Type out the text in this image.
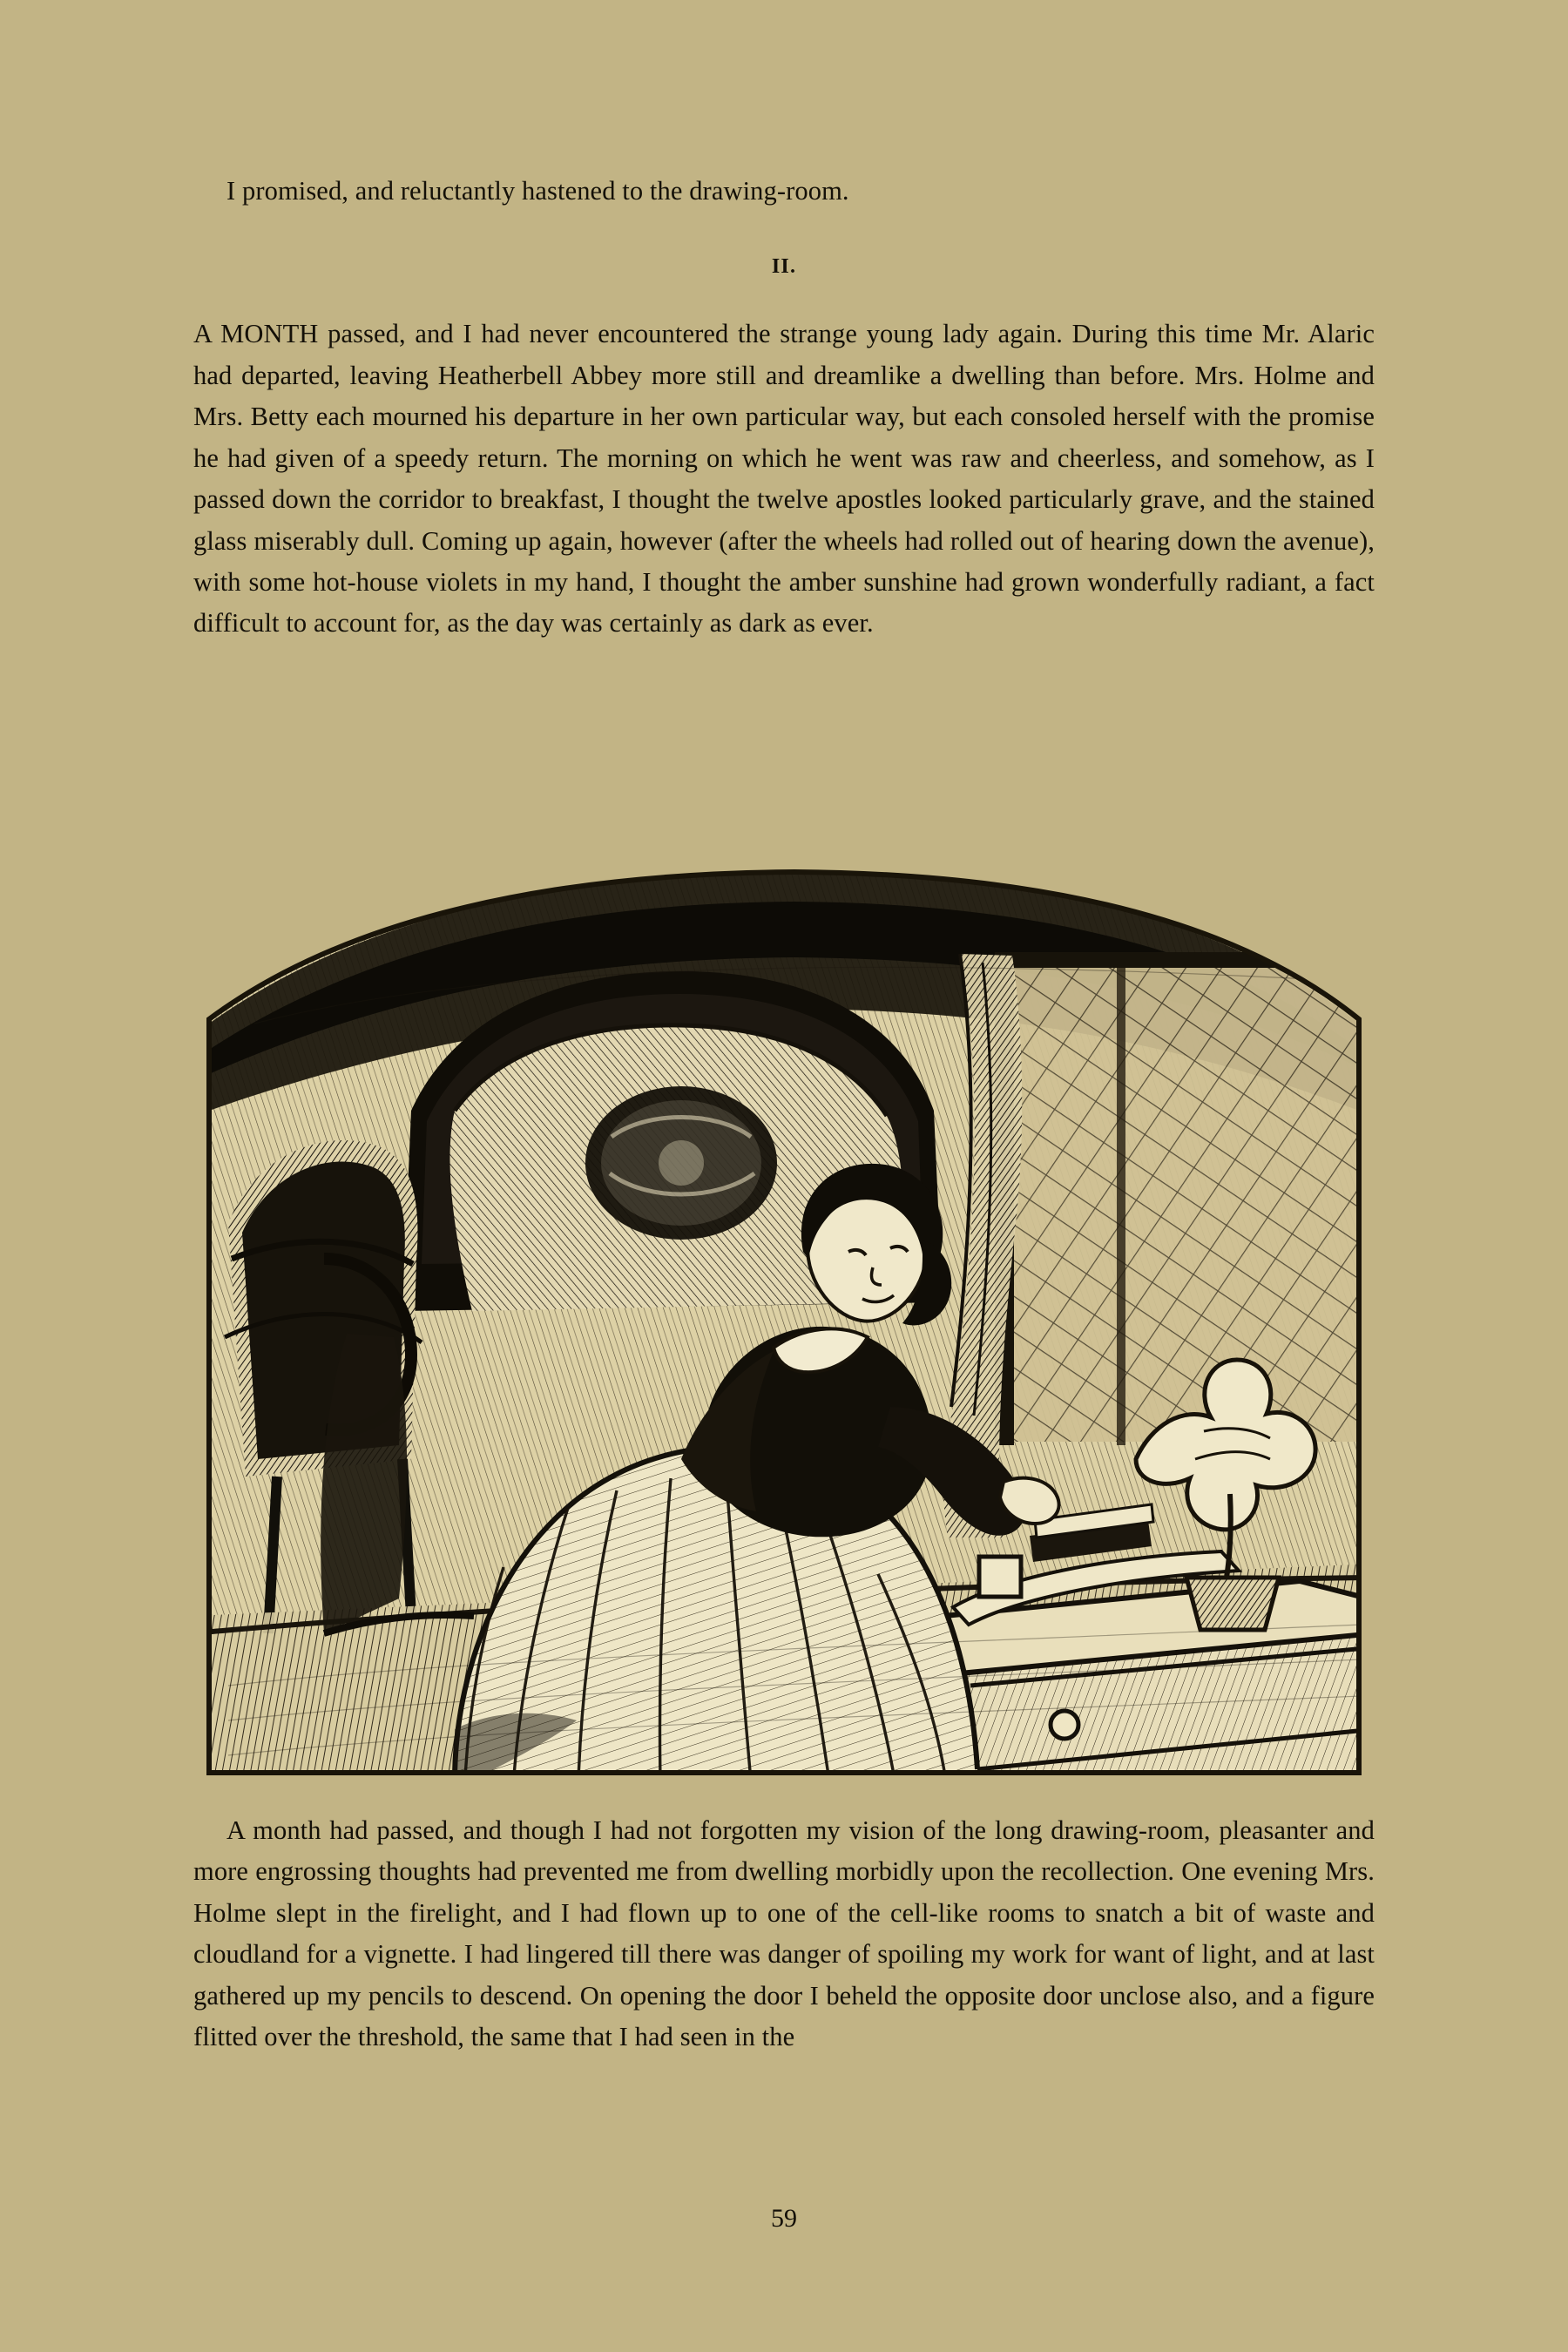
I promised, and reluctantly hastened to the drawing-room.

II.

A MONTH passed, and I had never encountered the strange young lady again. During this time Mr. Alaric had departed, leaving Heatherbell Abbey more still and dreamlike a dwelling than before. Mrs. Holme and Mrs. Betty each mourned his departure in her own particular way, but each consoled herself with the promise he had given of a speedy return. The morning on which he went was raw and cheerless, and somehow, as I passed down the corridor to breakfast, I thought the twelve apostles looked particularly grave, and the stained glass miserably dull. Coming up again, however (after the wheels had rolled out of hearing down the avenue), with some hot-house violets in my hand, I thought the amber sunshine had grown wonderfully radiant, a fact difficult to account for, as the day was certainly as dark as ever.

A month had passed, and though I had not forgotten my vision of the long drawing-room, pleasanter and more engrossing thoughts had prevented me from dwelling morbidly upon the recollection. One evening Mrs. Holme slept in the firelight, and I had flown up to one of the cell-like rooms to snatch a bit of waste and cloudland for a vignette. I had lingered till there was danger of spoiling my work for want of light, and at last gathered up my pencils to descend. On opening the door I beheld the opposite door unclose also, and a figure flitted over the threshold, the same that I had seen in the

59
